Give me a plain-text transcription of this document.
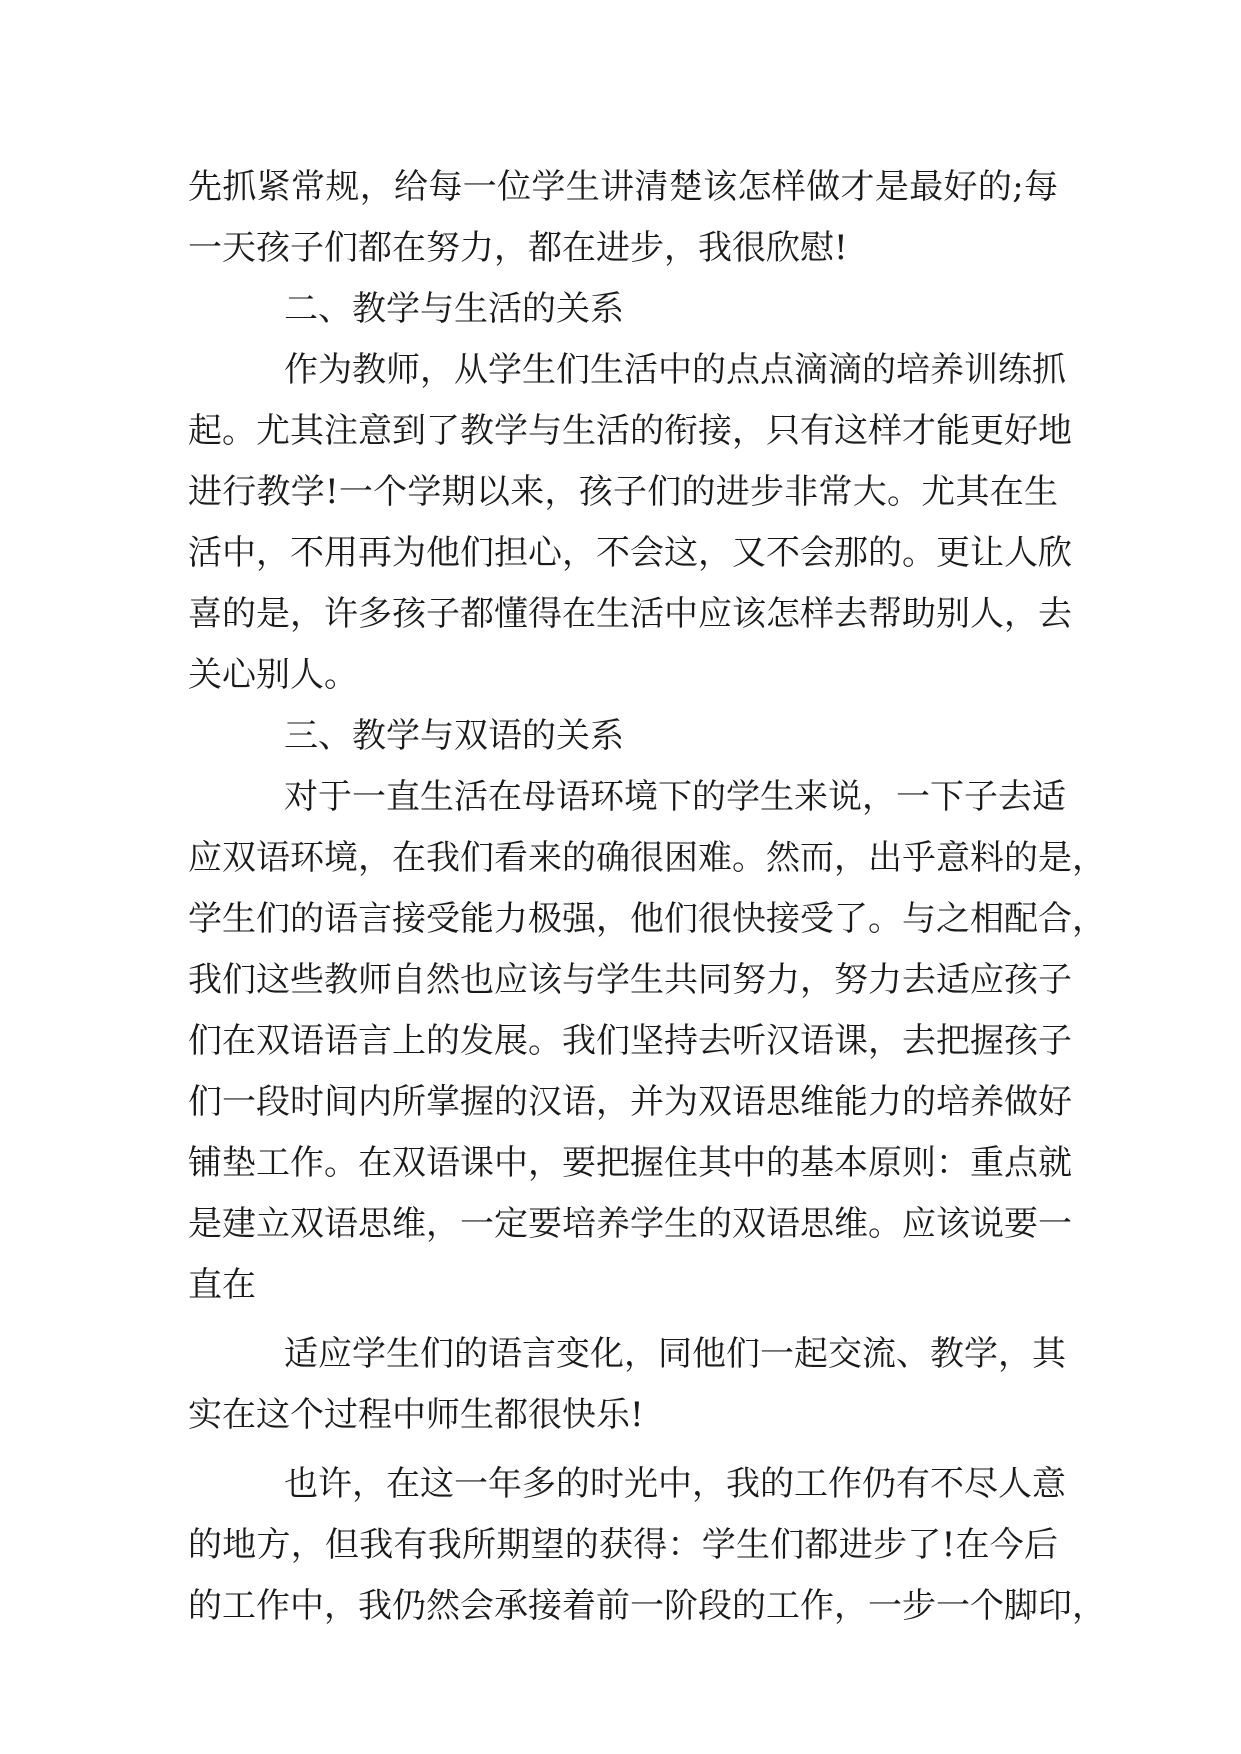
先抓紧常规，给每一位学生讲清楚该怎样做才是最好的;每
一天孩子们都在努力，都在进步，我很欣慰!
二、教学与生活的关系
作为教师，从学生们生活中的点点滴滴的培养训练抓
起。尤其注意到了教学与生活的衔接，只有这样才能更好地
进行教学!一个学期以来，孩子们的进步非常大。尤其在生
活中，不用再为他们担心，不会这，又不会那的。更让人欣
喜的是，许多孩子都懂得在生活中应该怎样去帮助别人，去
关心别人。
三、教学与双语的关系
对于一直生活在母语环境下的学生来说，一下子去适
应双语环境，在我们看来的确很困难。然而，出乎意料的是，
学生们的语言接受能力极强，他们很快接受了。与之相配合，
我们这些教师自然也应该与学生共同努力，努力去适应孩子
们在双语语言上的发展。我们坚持去听汉语课，去把握孩子
们一段时间内所掌握的汉语，并为双语思维能力的培养做好
铺垫工作。在双语课中，要把握住其中的基本原则：重点就
是建立双语思维，一定要培养学生的双语思维。应该说要一
直在
适应学生们的语言变化，同他们一起交流、教学，其
实在这个过程中师生都很快乐!
也许，在这一年多的时光中，我的工作仍有不尽人意
的地方，但我有我所期望的获得：学生们都进步了!在今后
的工作中，我仍然会承接着前一阶段的工作，一步一个脚印，
